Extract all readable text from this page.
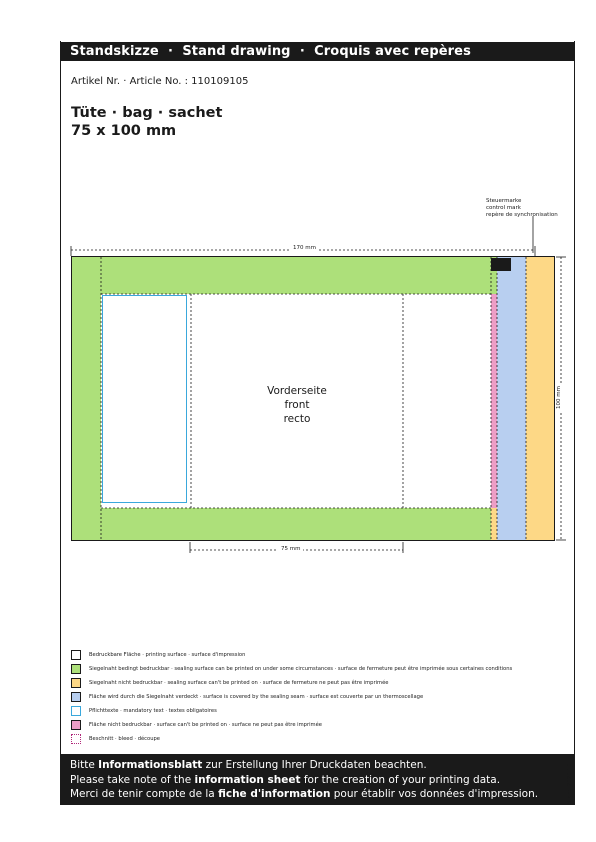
Standskizze  ·  Stand drawing  ·  Croquis avec repères
Artikel Nr. · Article No. : 110109105
Tüte · bag · sachet
75 x 100 mm
Steuermarke
control mark
repère de synchronisation
170 mm
100 mm
Vorderseite
front
recto
75 mm
Bedruckbare Fläche · printing surface · surface d'impression
Siegelnaht bedingt bedruckbar · sealing surface can be printed on under some circumstances · surface de fermeture peut être imprimée sous certaines conditions
Siegelnaht nicht bedruckbar · sealing surface can't be printed on · surface de fermeture ne peut pas être imprimée
Fläche wird durch die Siegelnaht verdeckt · surface is covered by the sealing seam · surface est couverte par un thermoscellage
Pflichttexte · mandatory text · textes obligatoires
Fläche nicht bedruckbar · surface can't be printed on · surface ne peut pas être imprimée
Beschnitt · bleed · découpe
Bitte Informationsblatt zur Erstellung Ihrer Druckdaten beachten.
Please take note of the information sheet for the creation of your printing data.
Merci de tenir compte de la fiche d'information pour établir vos données d'impression.	Stand 2020-10
